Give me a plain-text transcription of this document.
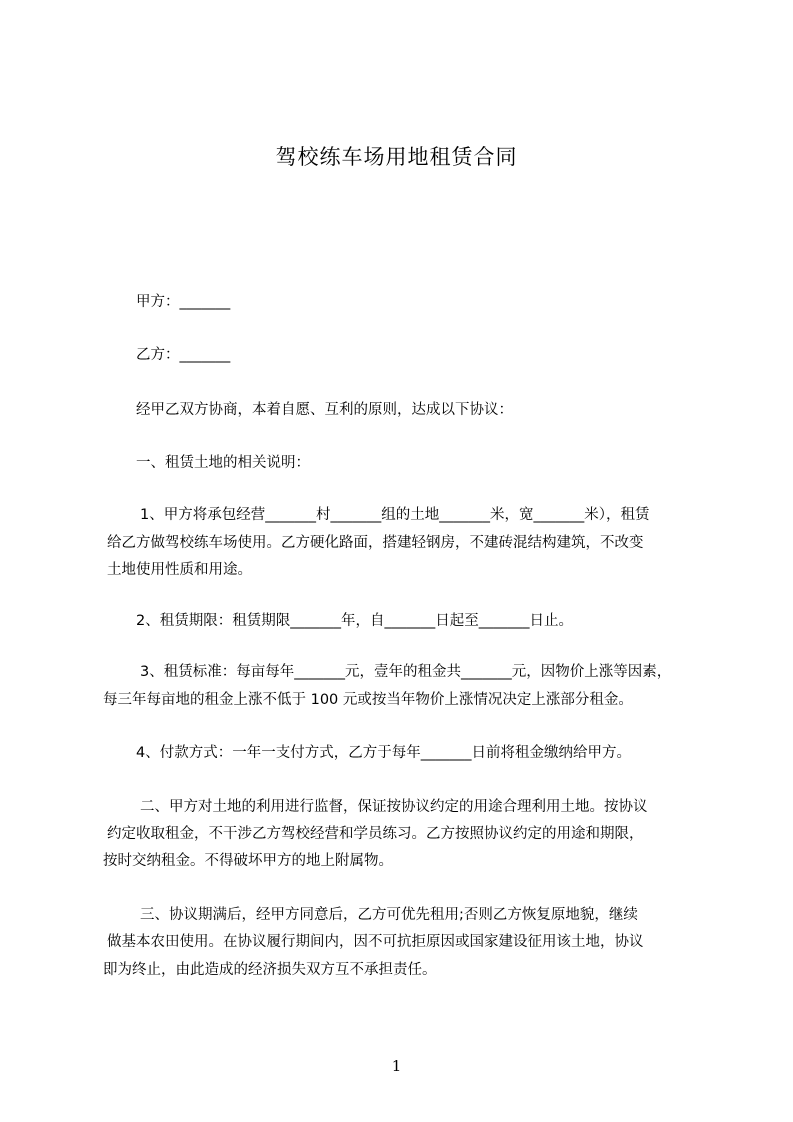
驾校练车场用地租赁合同
甲方：_______
乙方：_______
经甲乙双方协商，本着自愿、互利的原则，达成以下协议：
一、租赁土地的相关说明：
1、甲方将承包经营_______村_______组的土地_______米，宽_______米），租赁
给乙方做驾校练车场使用。乙方硬化路面，搭建轻钢房，不建砖混结构建筑，不改变
土地使用性质和用途。
2、租赁期限：租赁期限_______年，自_______日起至_______日止。
3、租赁标准：每亩每年_______元，壹年的租金共_______元，因物价上涨等因素，
每三年每亩地的租金上涨不低于 100 元或按当年物价上涨情况决定上涨部分租金。
4、付款方式：一年一支付方式，乙方于每年_______日前将租金缴纳给甲方。
二、甲方对土地的利用进行监督，保证按协议约定的用途合理利用土地。按协议
约定收取租金，不干涉乙方驾校经营和学员练习。乙方按照协议约定的用途和期限，
按时交纳租金。不得破坏甲方的地上附属物。
三、协议期满后，经甲方同意后，乙方可优先租用;否则乙方恢复原地貌，继续
做基本农田使用。在协议履行期间内，因不可抗拒原因或国家建设征用该土地，协议
即为终止，由此造成的经济损失双方互不承担责任。
1
